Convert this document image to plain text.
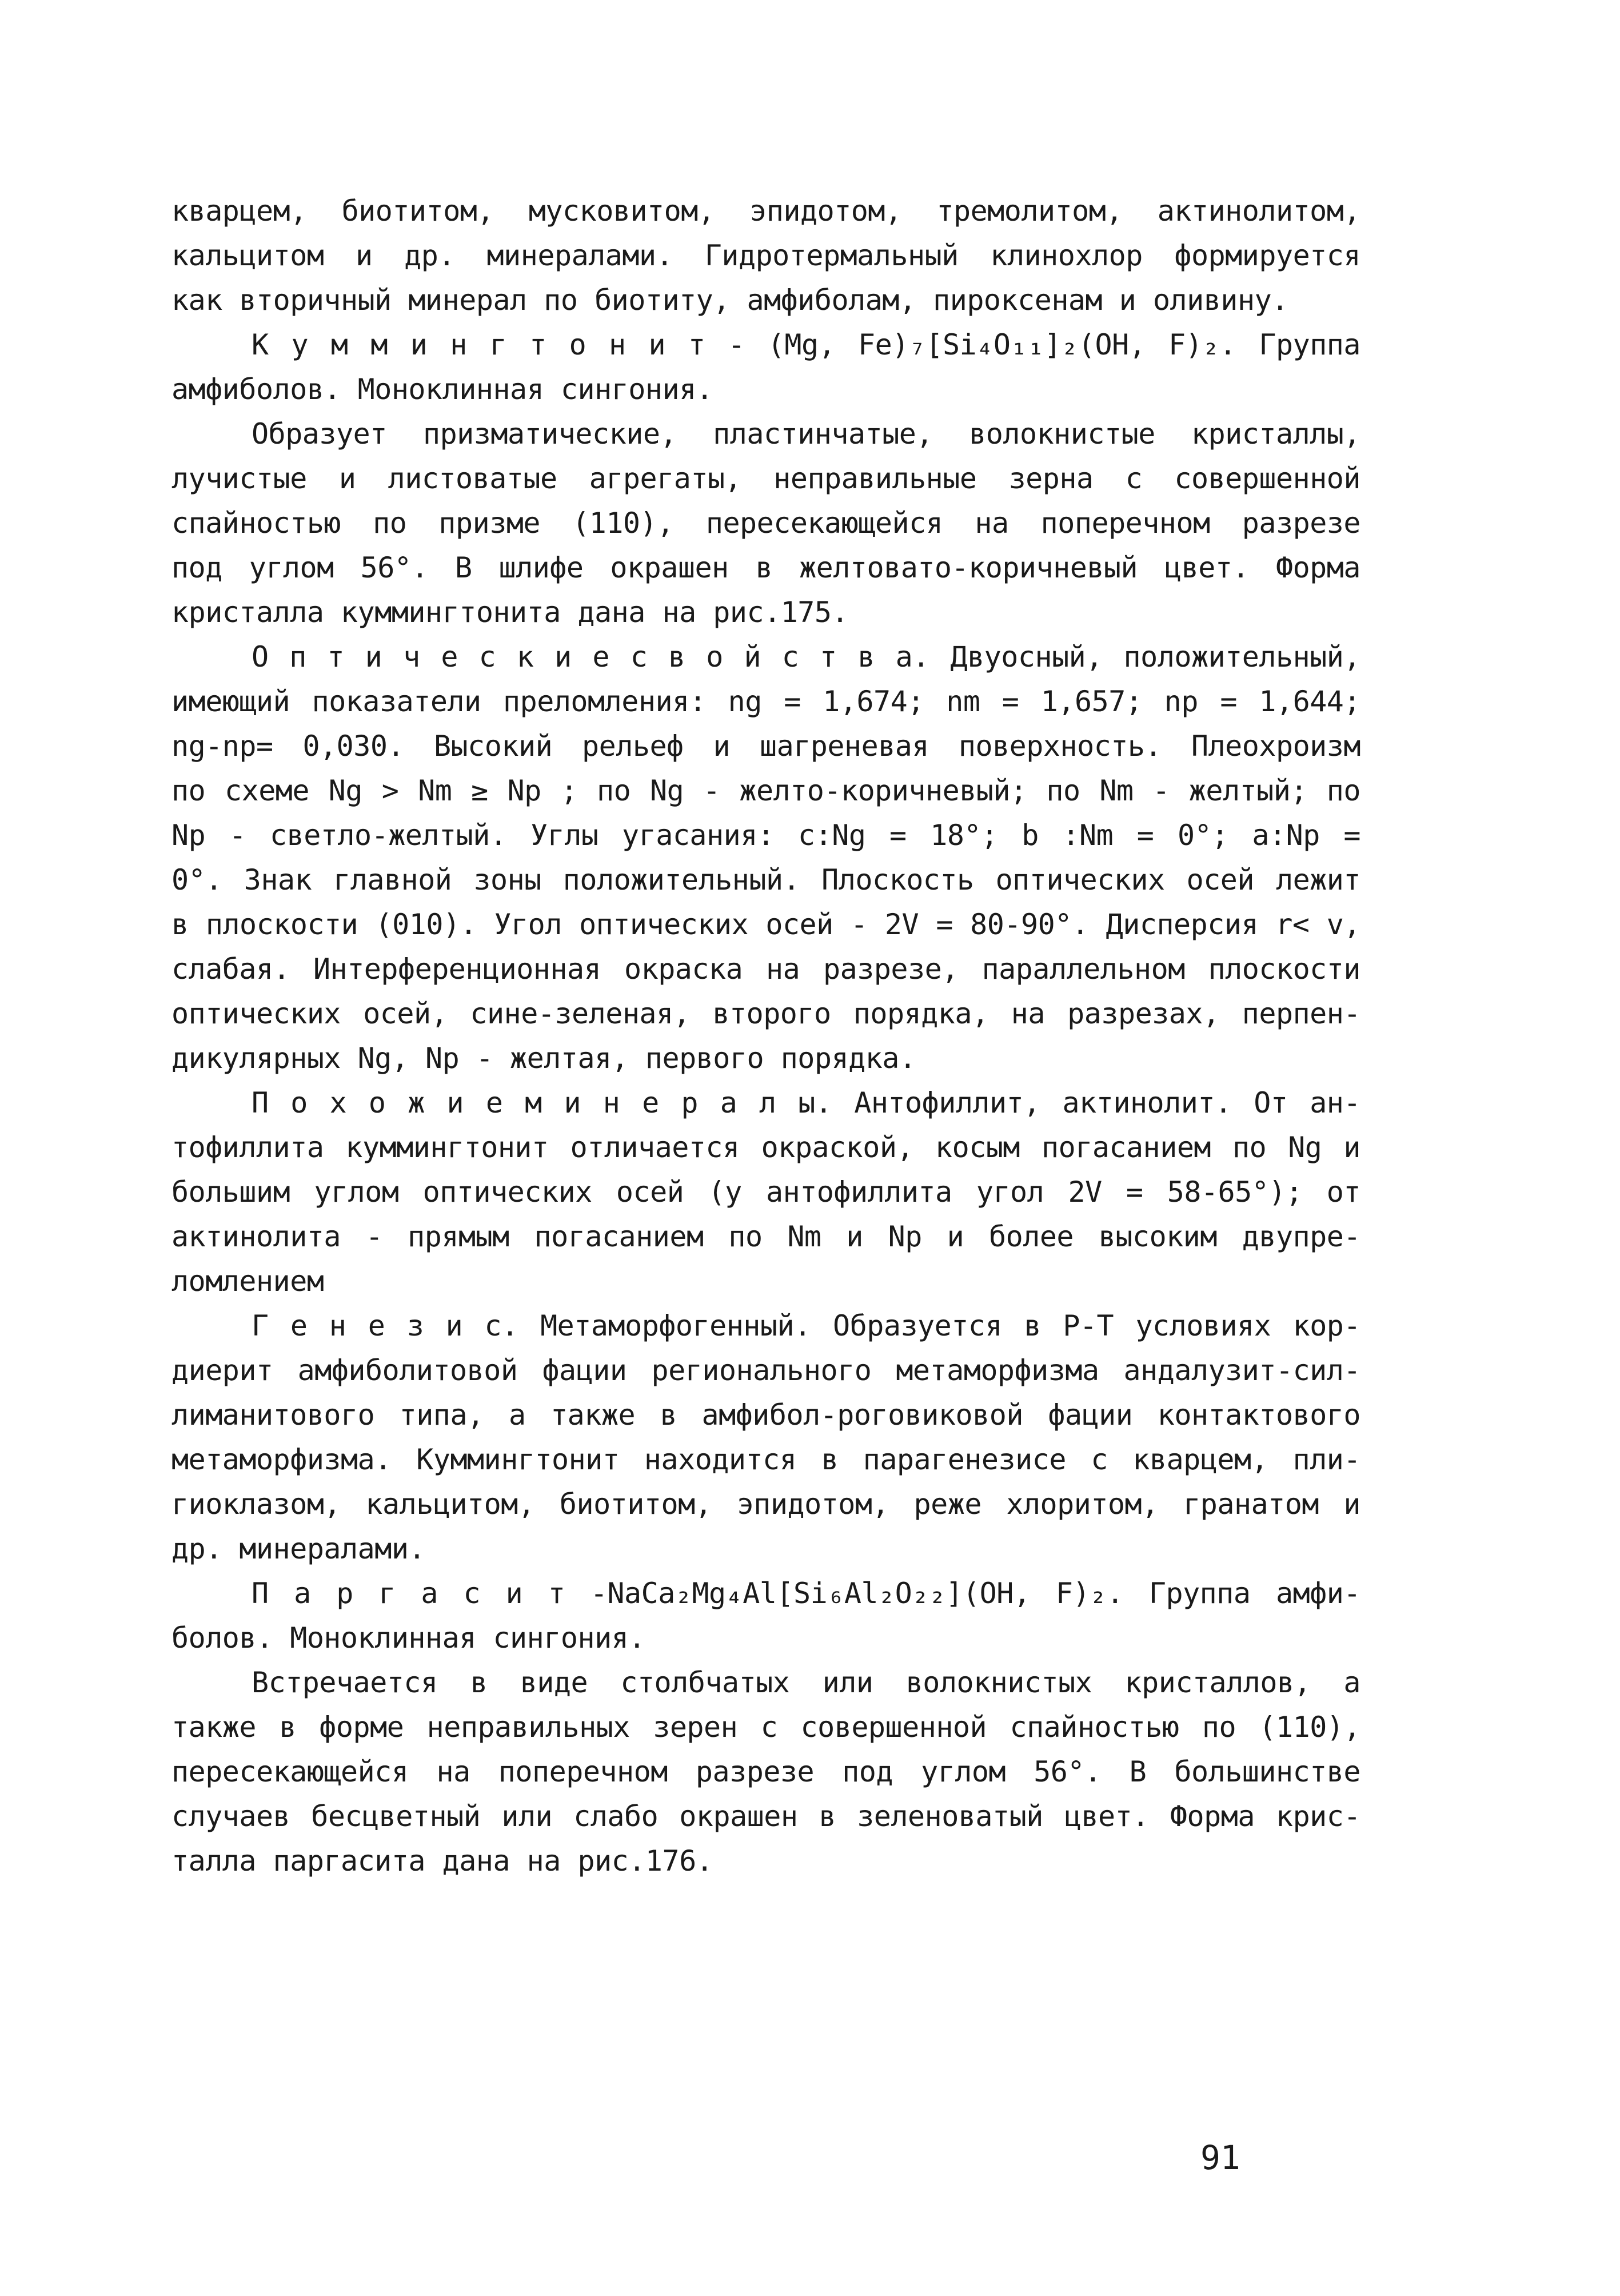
кварцем, биотитом, мусковитом, эпидотом, тремолитом, актинолитом,
кальцитом и др. минералами. Гидротермальный клинохлор формируется
как вторичный минерал по биотиту, амфиболам, пироксенам и оливину.
К у м м и н г т о н и т - (Mg, Fe)₇[Si₄O₁₁]₂(OH, F)₂. Группа
амфиболов. Моноклинная сингония.
Образует призматические, пластинчатые, волокнистые кристаллы,
лучистые и листоватые агрегаты, неправильные зерна с совершенной
спайностью по призме (110), пересекающейся на поперечном разрезе
под углом 56°. В шлифе окрашен в желтовато-коричневый цвет. Форма
кристалла куммингтонита дана на рис.175.
О п т и ч е с к и е с в о й с т в а. Двуосный, положительный,
имеющий показатели преломления: ng = 1,674; nm = 1,657; np = 1,644;
ng-np= 0,030. Высокий рельеф и шагреневая поверхность. Плеохроизм
по схеме Ng > Nm ≥ Np ; по Ng - желто-коричневый; по Nm - желтый; по
Np - светло-желтый. Углы угасания: c:Ng = 18°; b :Nm = 0°; a:Np =
0°. Знак главной зоны положительный. Плоскость оптических осей лежит
в плоскости (010). Угол оптических осей - 2V = 80-90°. Дисперсия r< v,
слабая. Интерференционная окраска на разрезе, параллельном плоскости
оптических осей, сине-зеленая, второго порядка, на разрезах, перпен-
дикулярных Ng, Np - желтая, первого порядка.
П о х о ж и е м и н е р а л ы. Антофиллит, актинолит. От ан-
тофиллита куммингтонит отличается окраской, косым погасанием по Ng и
большим углом оптических осей (у антофиллита угол 2V = 58-65°); от
актинолита - прямым погасанием по Nm и Np и более высоким двупре-
ломлением
Г е н е з и с. Метаморфогенный. Образуется в P-T условиях кор-
диерит амфиболитовой фации регионального метаморфизма андалузит-сил-
лиманитового типа, а также в амфибол-роговиковой фации контактового
метаморфизма. Куммингтонит находится в парагенезисе с кварцем, пли-
гиоклазом, кальцитом, биотитом, эпидотом, реже хлоритом, гранатом и
др. минералами.
П а р г а с и т -NaCa₂Mg₄Al[Si₆Al₂O₂₂](OH, F)₂. Группа амфи-
болов. Моноклинная сингония.
Встречается в виде столбчатых или волокнистых кристаллов, а
также в форме неправильных зерен с совершенной спайностью по (110),
пересекающейся на поперечном разрезе под углом 56°. В большинстве
случаев бесцветный или слабо окрашен в зеленоватый цвет. Форма крис-
талла паргасита дана на рис.176.
91
